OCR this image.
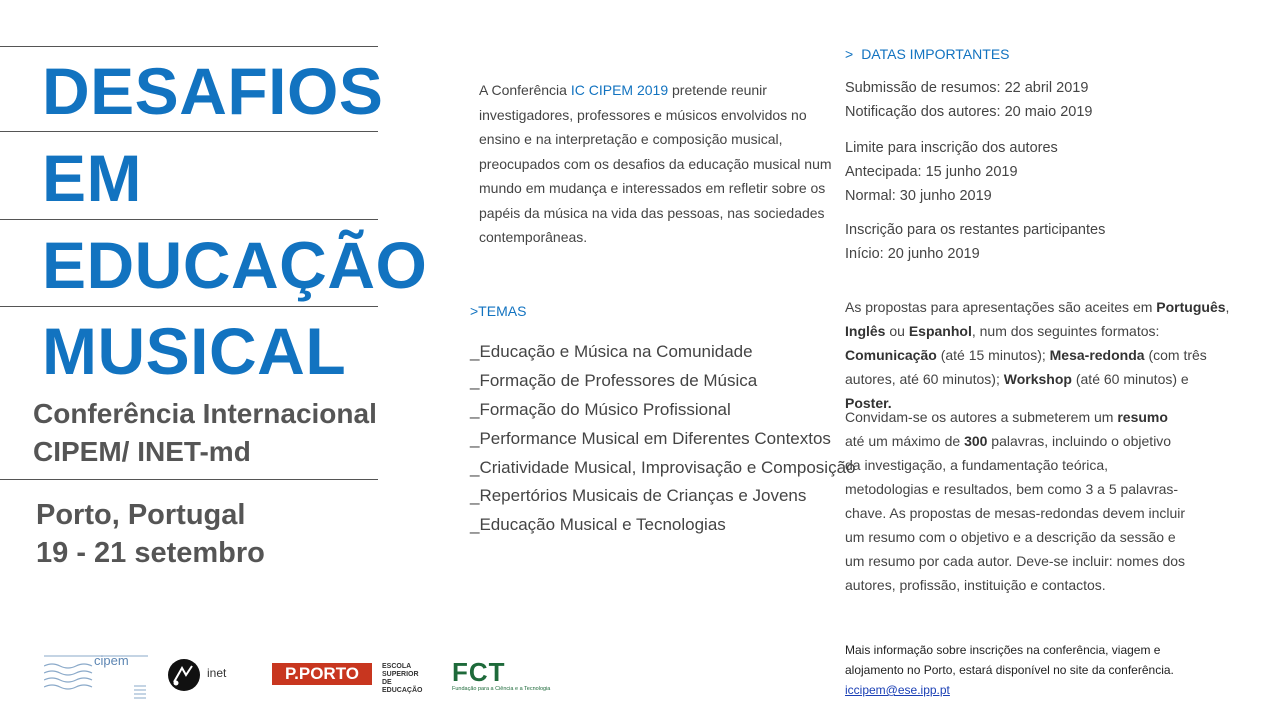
DESAFIOS
EM
EDUCAÇÃO
MUSICAL
Conferência Internacional
CIPEM/ INET-md
Porto, Portugal
19 - 21 setembro

A Conferência IC CIPEM 2019 pretende reunir investigadores, professores e músicos envolvidos no ensino e na interpretação e composição musical, preocupados com os desafios da educação musical num mundo em mudança e interessados em refletir sobre os papéis da música na vida das pessoas, nas sociedades contemporâneas.

>TEMAS
_Educação e Música na Comunidade
_Formação de Professores de Música
_Formação do Músico Profissional
_Performance Musical em Diferentes Contextos
_Criatividade Musical, Improvisação e Composição
_Repertórios Musicais de Crianças e Jovens
_Educação Musical e Tecnologias
> DATAS IMPORTANTES
Submissão de resumos: 22 abril 2019
Notificação dos autores: 20 maio 2019
Limite para inscrição dos autores
Antecipada: 15 junho 2019
Normal: 30 junho 2019
Inscrição para os restantes participantes
Início: 20 junho 2019
As propostas para apresentações são aceites em Português, Inglês ou Espanhol, num dos seguintes formatos: Comunicação (até 15 minutos); Mesa-redonda (com três autores, até 60 minutos); Workshop (até 60 minutos) e Poster.
Convidam-se os autores a submeterem um resumo até um máximo de 300 palavras, incluindo o objetivo da investigação, a fundamentação teórica, metodologias e resultados, bem como 3 a 5 palavras-chave. As propostas de mesas-redondas devem incluir um resumo com o objetivo e a descrição da sessão e um resumo por cada autor. Deve-se incluir: nomes dos autores, profissão, instituição e contactos.
Mais informação sobre inscrições na conferência, viagem e alojamento no Porto, estará disponível no site da conferência.
iccipem@ese.ipp.pt
cipem
inet	P.PORTO	ESCOLA
SUPERIOR
DE EDUCAÇÃO
FCT
Fundação para a Ciência e a Tecnologia
